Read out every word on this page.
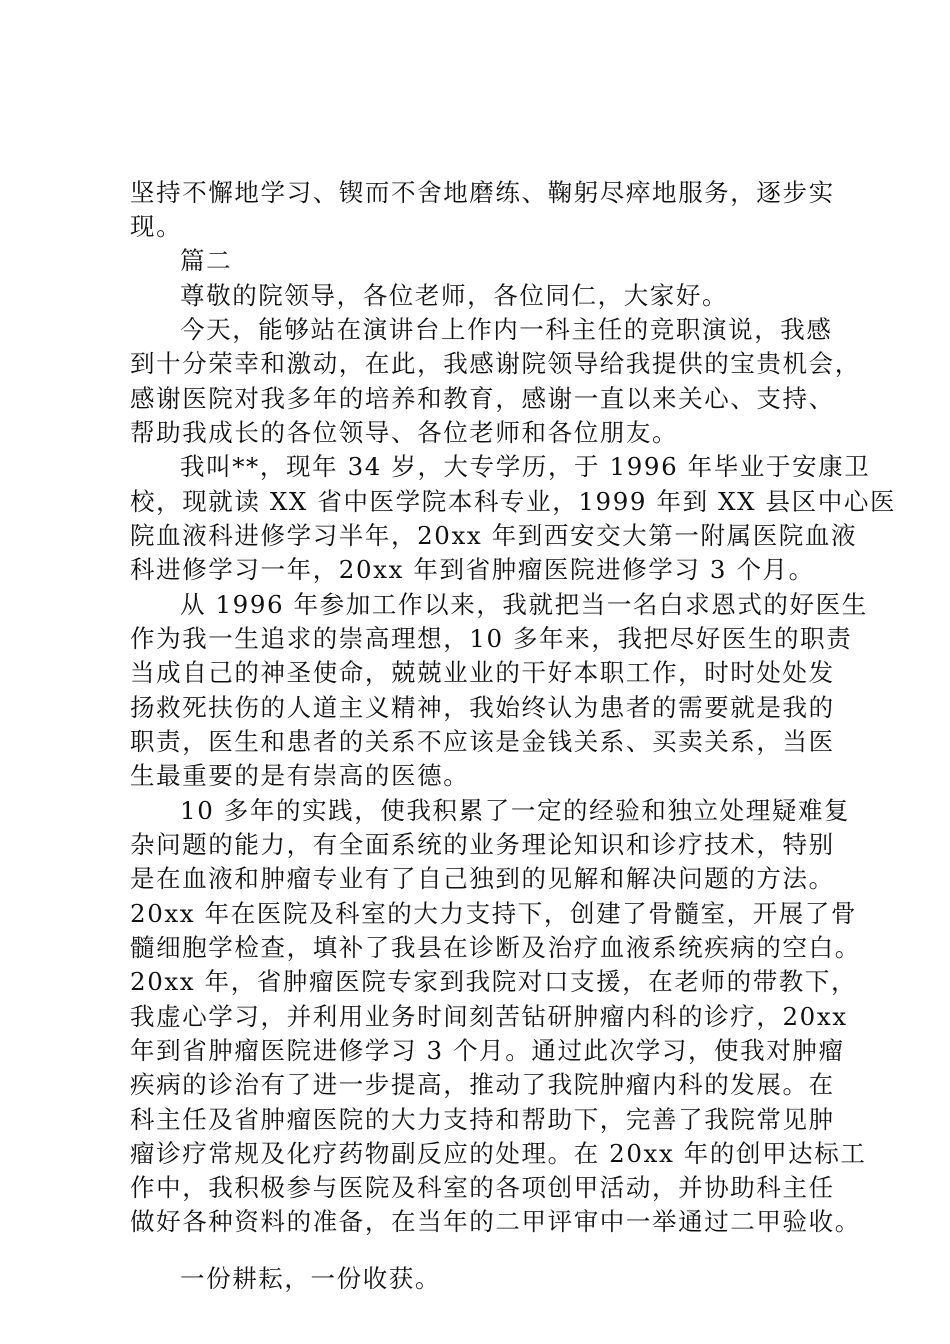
坚持不懈地学习、锲而不舍地磨练、鞠躬尽瘁地服务，逐步实
现。
篇二
尊敬的院领导，各位老师，各位同仁，大家好。
今天，能够站在演讲台上作内一科主任的竞职演说，我感
到十分荣幸和激动，在此，我感谢院领导给我提供的宝贵机会，
感谢医院对我多年的培养和教育，感谢一直以来关心、支持、
帮助我成长的各位领导、各位老师和各位朋友。
我叫**，现年 34 岁，大专学历，于 1996 年毕业于安康卫
校，现就读 XX 省中医学院本科专业，1999 年到 XX 县区中心医
院血液科进修学习半年，20xx 年到西安交大第一附属医院血液
科进修学习一年，20xx 年到省肿瘤医院进修学习 3 个月。
从 1996 年参加工作以来，我就把当一名白求恩式的好医生
作为我一生追求的崇高理想，10 多年来，我把尽好医生的职责
当成自己的神圣使命，兢兢业业的干好本职工作，时时处处发
扬救死扶伤的人道主义精神，我始终认为患者的需要就是我的
职责，医生和患者的关系不应该是金钱关系、买卖关系，当医
生最重要的是有崇高的医德。
10 多年的实践，使我积累了一定的经验和独立处理疑难复
杂问题的能力，有全面系统的业务理论知识和诊疗技术，特别
是在血液和肿瘤专业有了自己独到的见解和解决问题的方法。
20xx 年在医院及科室的大力支持下，创建了骨髓室，开展了骨
髓细胞学检查，填补了我县在诊断及治疗血液系统疾病的空白。
20xx 年，省肿瘤医院专家到我院对口支援，在老师的带教下，
我虚心学习，并利用业务时间刻苦钻研肿瘤内科的诊疗，20xx
年到省肿瘤医院进修学习 3 个月。通过此次学习，使我对肿瘤
疾病的诊治有了进一步提高，推动了我院肿瘤内科的发展。在
科主任及省肿瘤医院的大力支持和帮助下，完善了我院常见肿
瘤诊疗常规及化疗药物副反应的处理。在 20xx 年的创甲达标工
作中，我积极参与医院及科室的各项创甲活动，并协助科主任
做好各种资料的准备，在当年的二甲评审中一举通过二甲验收。
一份耕耘，一份收获。
